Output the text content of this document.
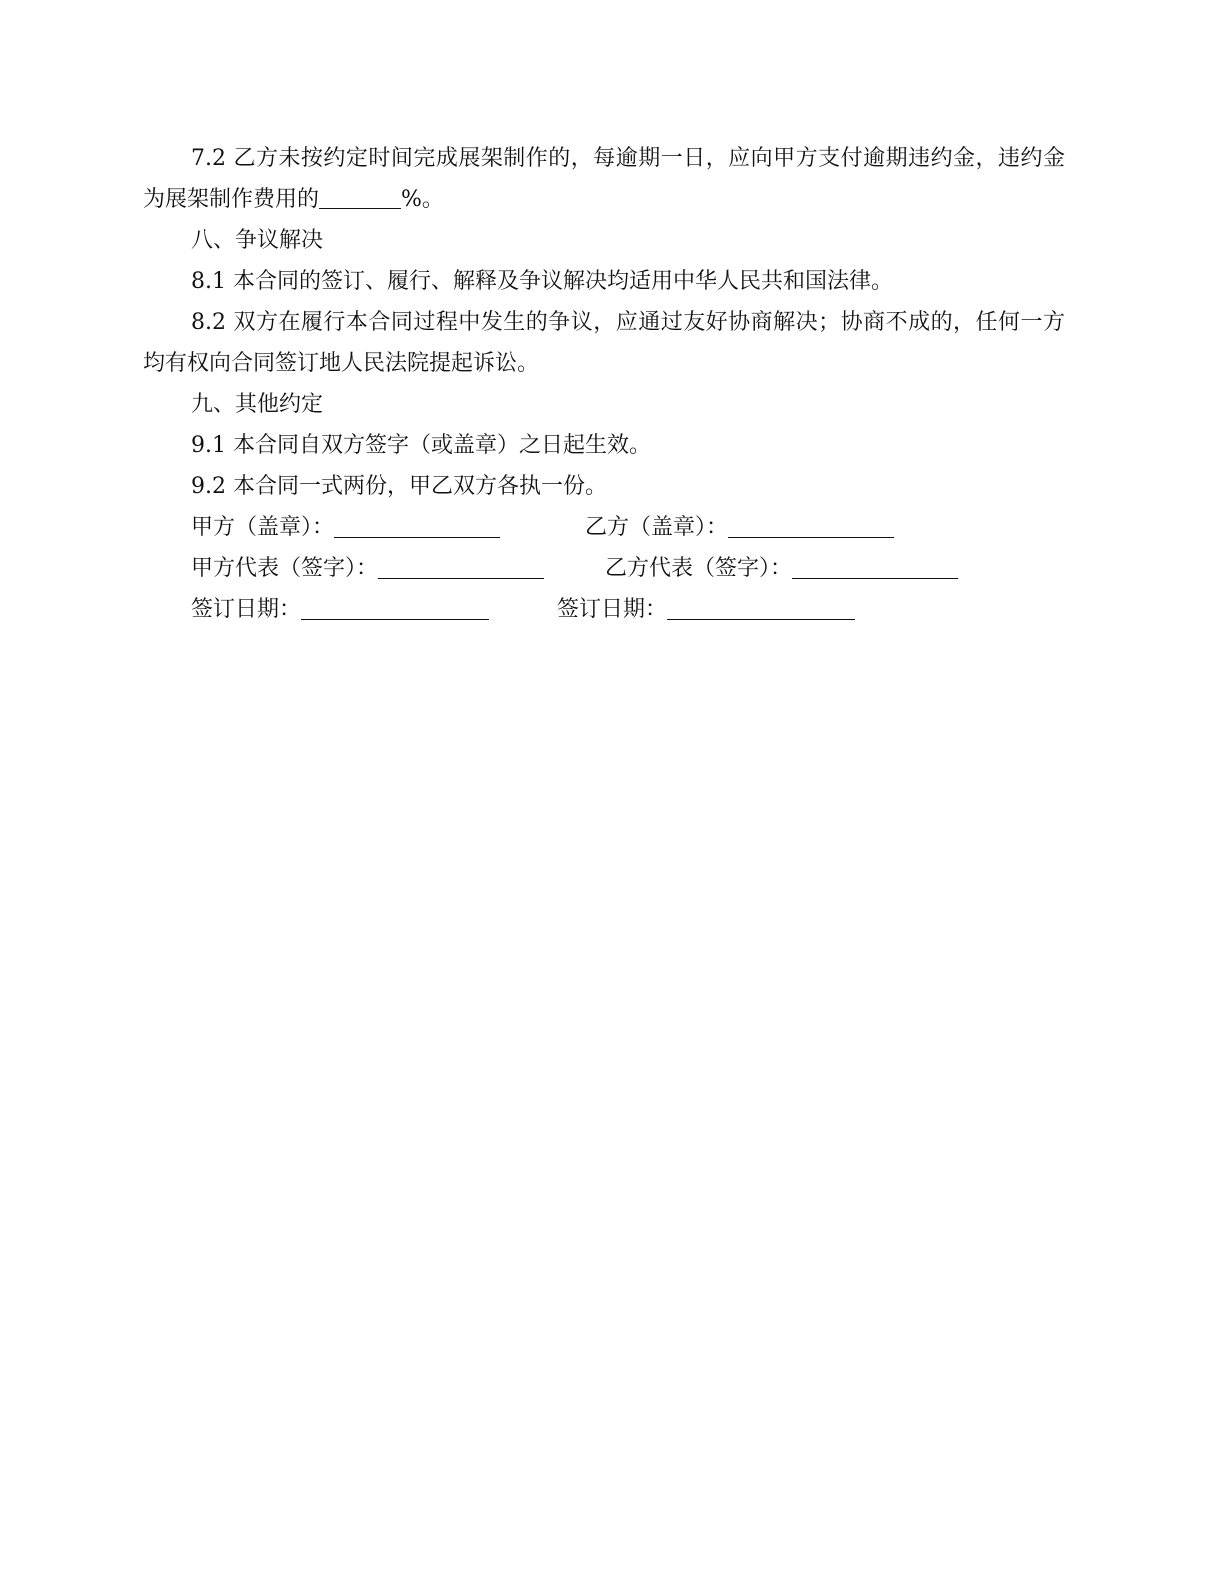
7.2 乙方未按约定时间完成展架制作的，每逾期一日，应向甲方支付逾期违约金，违约金为展架制作费用的	%。

八、争议解决

8.1 本合同的签订、履行、解释及争议解决均适用中华人民共和国法律。

8.2 双方在履行本合同过程中发生的争议，应通过友好协商解决；协商不成的，任何一方均有权向合同签订地人民法院提起诉讼。

九、其他约定

9.1 本合同自双方签字（或盖章）之日起生效。

9.2 本合同一式两份，甲乙双方各执一份。

甲方（盖章）：	乙方（盖章）：
甲方代表（签字）：	乙方代表（签字）：
签订日期：	签订日期：
